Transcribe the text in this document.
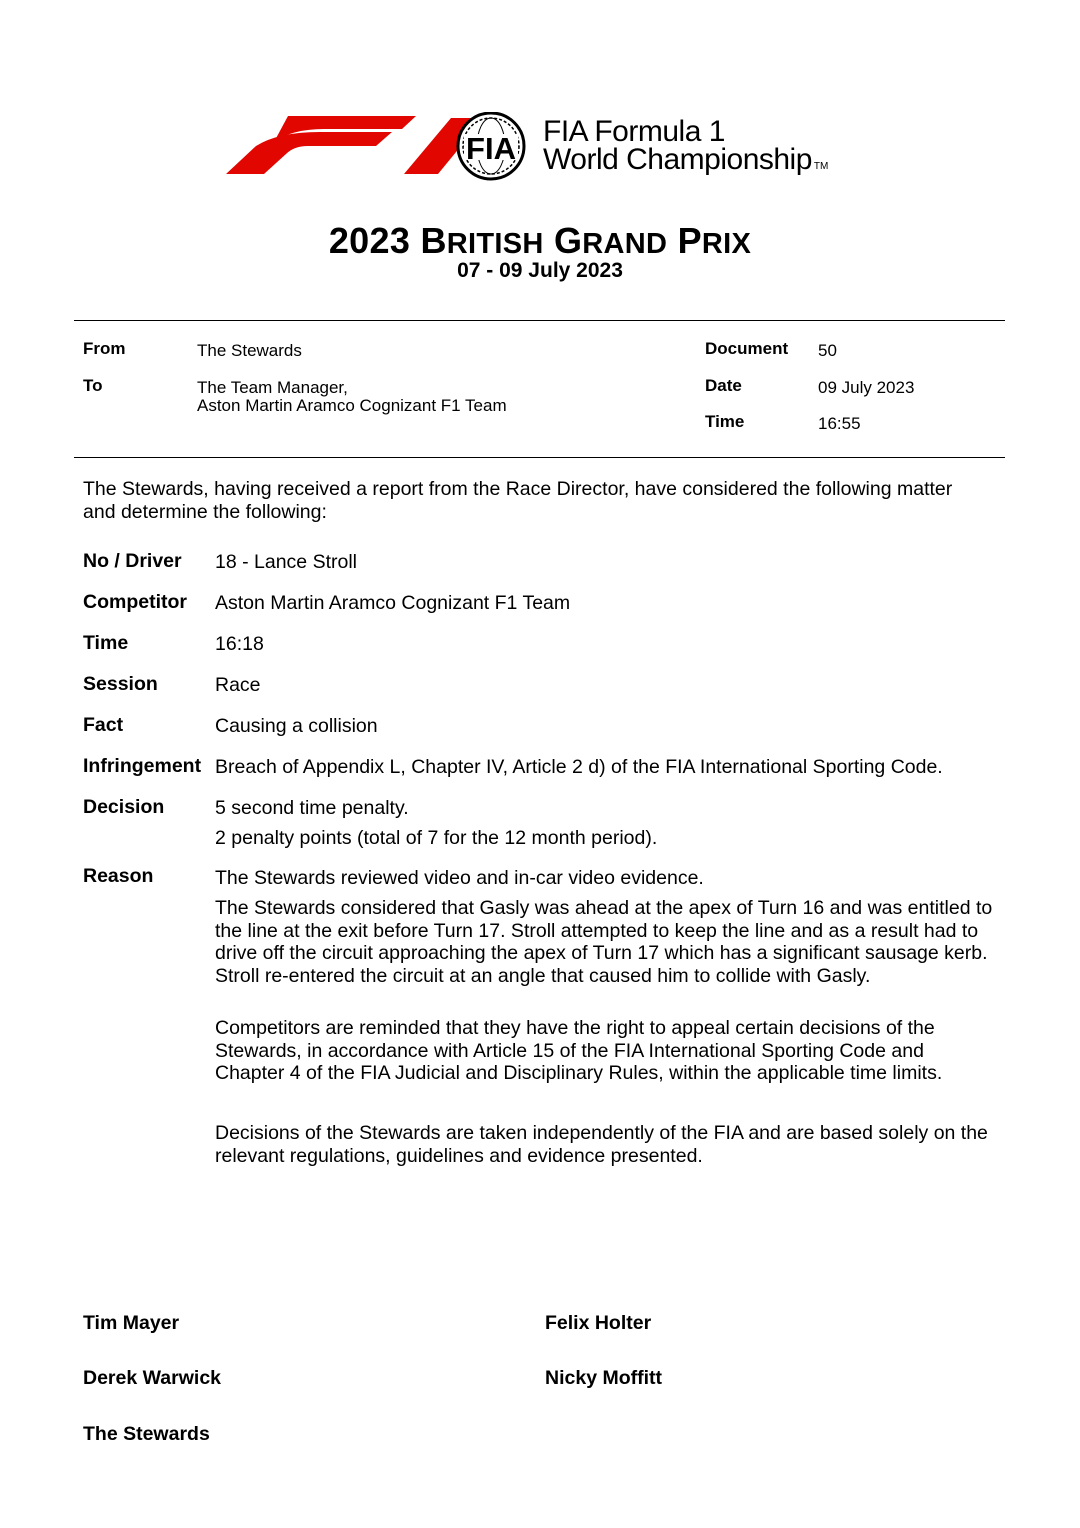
FIA FIA Formula 1
World Championship TM
2023 BRITISH GRAND PRIX
07 - 09 July 2023
From	The Stewards
To	The Team Manager,
Aston Martin Aramco Cognizant F1 Team
Document 50
Date	09 July 2023
Time	16:55
The Stewards, having received a report from the Race Director, have considered the following matter and determine the following:
No / Driver 18 - Lance Stroll
Competitor Aston Martin Aramco Cognizant F1 Team
Time	16:18
Session	Race
Fact	Causing a collision
Infringement Breach of Appendix L, Chapter IV, Article 2 d) of the FIA International Sporting Code.
Decision	5 second time penalty.
2 penalty points (total of 7 for the 12 month period).
Reason	The Stewards reviewed video and in-car video evidence.
The Stewards considered that Gasly was ahead at the apex of Turn 16 and was entitled to the line at the exit before Turn 17. Stroll attempted to keep the line and as a result had to drive off the circuit approaching the apex of Turn 17 which has a significant sausage kerb. Stroll re-entered the circuit at an angle that caused him to collide with Gasly.
Competitors are reminded that they have the right to appeal certain decisions of the Stewards, in accordance with Article 15 of the FIA International Sporting Code and Chapter 4 of the FIA Judicial and Disciplinary Rules, within the applicable time limits.
Decisions of the Stewards are taken independently of the FIA and are based solely on the relevant regulations, guidelines and evidence presented.
Tim Mayer	Felix Holter
Derek Warwick	Nicky Moffitt
The Stewards
